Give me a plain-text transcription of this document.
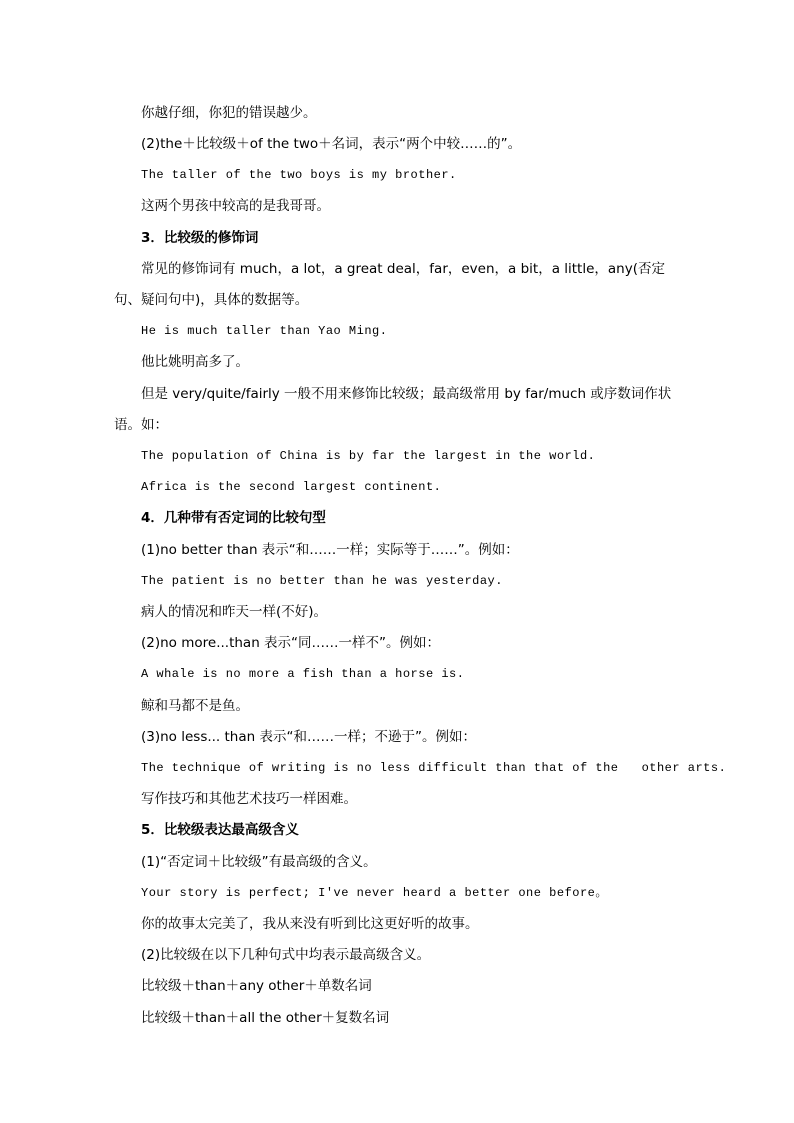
你越仔细，你犯的错误越少。
(2)the＋比较级＋of the two＋名词，表示“两个中较……的”。
The taller of the two boys is my brother.
这两个男孩中较高的是我哥哥。
3．比较级的修饰词
常见的修饰词有 much，a lot，a great deal，far，even，a bit，a little，any(否定
句、疑问句中)，具体的数据等。
He is much taller than Yao Ming.
他比姚明高多了。
但是 very/quite/fairly 一般不用来修饰比较级；最高级常用 by far/much 或序数词作状
语。如：
The population of China is by far the largest in the world.
Africa is the second largest continent.
4．几种带有否定词的比较句型
(1)no better than 表示“和……一样；实际等于……”。例如：
The patient is no better than he was yesterday.
病人的情况和昨天一样(不好)。
(2)no more...than 表示“同……一样不”。例如：
A whale is no more a fish than a horse is.
鲸和马都不是鱼。
(3)no less... than 表示“和……一样；不逊于”。例如：
The technique of writing is no less difficult than that of the   other arts.
写作技巧和其他艺术技巧一样困难。
5．比较级表达最高级含义
(1)“否定词＋比较级”有最高级的含义。
Your story is perfect; I've never heard a better one before。
你的故事太完美了，我从来没有听到比这更好听的故事。
(2)比较级在以下几种句式中均表示最高级含义。
比较级＋than＋any other＋单数名词
比较级＋than＋all the other＋复数名词
